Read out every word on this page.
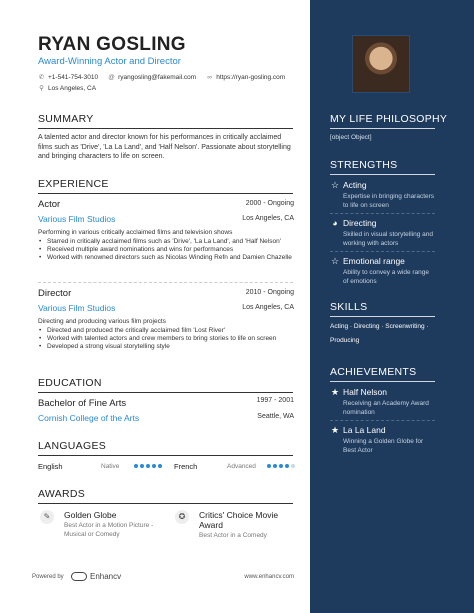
RYAN GOSLING
Award-Winning Actor and Director
✆ +1-541-754-3010 @ ryangosling@fakemail.com ∞ https://ryan-gosling.com
⚲ Los Angeles, CA
SUMMARY
A talented actor and director known for his performances in critically acclaimed films such as 'Drive', 'La La Land', and 'Half Nelson'. Passionate about storytelling and bringing characters to life on screen.
EXPERIENCE
Actor	2000 - Ongoing
Various Film Studios	Los Angeles, CA
Performing in various critically acclaimed films and television shows
• Starred in critically acclaimed films such as 'Drive', 'La La Land', and 'Half Nelson'
• Received multiple award nominations and wins for performances
• Worked with renowned directors such as Nicolas Winding Refn and Damien Chazelle
Director	2010 - Ongoing
Various Film Studios	Los Angeles, CA
Directing and producing various film projects
• Directed and produced the critically acclaimed film 'Lost River'
• Worked with talented actors and crew members to bring stories to life on screen
• Developed a strong visual storytelling style
EDUCATION
Bachelor of Fine Arts	1997 - 2001
Cornish College of the Arts	Seattle, WA
LANGUAGES
English	Native	French	Advanced
AWARDS
✎	Golden Globe
Best Actor in a Motion Picture - Musical or Comedy
✪	Critics' Choice Movie Award
Best Actor in a Comedy
Powered by	Enhancv	www.enhancv.com
MY LIFE PHILOSOPHY
[object Object]
STRENGTHS
☆ Acting
Expertise in bringing characters to life on screen
◕ Directing
Skilled in visual storytelling and working with actors
☆ Emotional range
Ability to convey a wide range of emotions
SKILLS
Acting · Directing · Screenwriting ·
Producing
ACHIEVEMENTS
★ Half Nelson
Receiving an Academy Award nomination
★ La La Land
Winning a Golden Globe for Best Actor
